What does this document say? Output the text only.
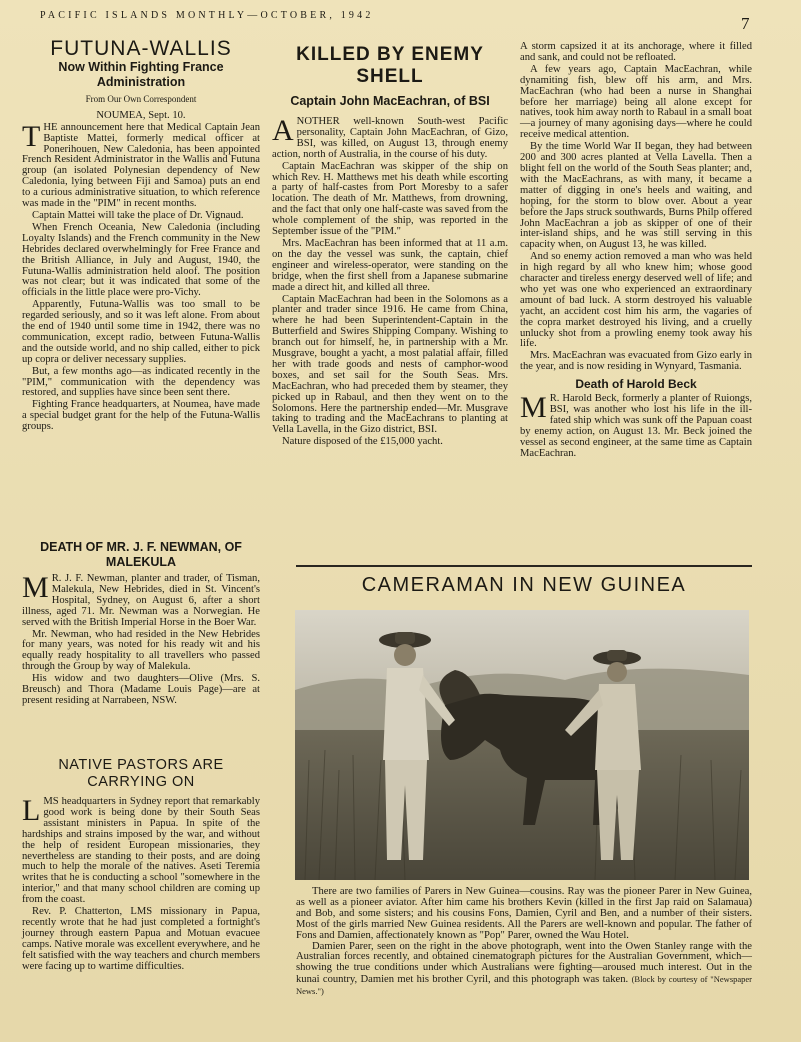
PACIFIC ISLANDS MONTHLY—OCTOBER, 1942	7
FUTUNA-WALLIS
Now Within Fighting France Administration
From Our Own Correspondent
NOUMEA, Sept. 10.

THE announcement here that Medical Captain Jean Baptiste Mattei, formerly medical officer at Ponerihouen, New Caledonia, has been appointed French Resident Administrator in the Wallis and Futuna group (an isolated Polynesian dependency of New Caledonia, lying between Fiji and Samoa) puts an end to a curious administrative situation, to which reference was made in the "PIM" in recent months.

Captain Mattei will take the place of Dr. Vignaud.

When French Oceania, New Caledonia (including Loyalty Islands) and the French community in the New Hebrides declared overwhelmingly for Free France and the British Alliance, in July and August, 1940, the Futuna-Wallis administration held aloof. The position was not clear; but it was indicated that some of the officials in the little place were pro-Vichy.

Apparently, Futuna-Wallis was too small to be regarded seriously, and so it was left alone. From about the end of 1940 until some time in 1942, there was no communication, except radio, between Futuna-Wallis and the outside world, and no ship called, either to pick up copra or deliver necessary supplies.

But, a few months ago—as indicated recently in the "PIM," communication with the dependency was restored, and supplies have since been sent there.

Fighting France headquarters, at Noumea, have made a special budget grant for the help of the Futuna-Wallis groups.

DEATH OF MR. J. F. NEWMAN, OF MALEKULA

M R. J. F. Newman, planter and trader, of Tisman, Malekula, New Hebrides, died in St. Vincent's Hospital, Sydney, on August 6, after a short illness, aged 71. Mr. Newman was a Norwegian. He served with the British Imperial Horse in the Boer War.

Mr. Newman, who had resided in the New Hebrides for many years, was noted for his ready wit and his equally ready hospitality to all travellers who passed through the Group by way of Malekula.

His widow and two daughters—Olive (Mrs. S. Breusch) and Thora (Madame Louis Page)—are at present residing at Narrabeen, NSW.

NATIVE PASTORS ARE CARRYING ON

LMS headquarters in Sydney report that remarkably good work is being done by their South Seas assistant ministers in Papua. In spite of the hardships and strains imposed by the war, and without the help of resident European missionaries, they nevertheless are standing to their posts, and are doing much to help the morale of the natives. Aseti Teremia writes that he is conducting a school "somewhere in the interior," and that many school children are coming up from the coast.

Rev. P. Chatterton, LMS missionary in Papua, recently wrote that he had just completed a fortnight's journey through eastern Papua and Motuan evacuee camps. Native morale was excellent everywhere, and he felt satisfied with the way teachers and church members were facing up to wartime difficulties.

KILLED BY ENEMY SHELL
Captain John MacEachran, of BSI

ANOTHER well-known South-west Pacific personality, Captain John MacEachran, of Gizo, BSI, was killed, on August 13, through enemy action, north of Australia, in the course of his duty.

Captain MacEachran was skipper of the ship on which Rev. H. Matthews met his death while escorting a party of half-castes from Port Moresby to a safer location. The death of Mr. Matthews, from drowning, and the fact that only one half-caste was saved from the whole complement of the ship, was reported in the September issue of the "PIM."

Mrs. MacEachran has been informed that at 11 a.m. on the day the vessel was sunk, the captain, chief engineer and wireless-operator, were standing on the bridge, when the first shell from a Japanese submarine made a direct hit, and killed all three.

Captain MacEachran had been in the Solomons as a planter and trader since 1916. He came from China, where he had been Superintendent-Captain in the Butterfield and Swires Shipping Company. Wishing to branch out for himself, he, in partnership with a Mr. Musgrave, bought a yacht, a most palatial affair, filled her with trade goods and nests of camphor-wood boxes, and set sail for the South Seas. Mrs. MacEachran, who had preceded them by steamer, they picked up in Rabaul, and then they went on to the Solomons. Here the partnership ended—Mr. Musgrave taking to trading and the MacEachrans to planting at Vella Lavella, in the Gizo district, BSI.

Nature disposed of the £15,000 yacht.

A storm capsized it at its anchorage, where it filled and sank, and could not be refloated.

A few years ago, Captain MacEachran, while dynamiting fish, blew off his arm, and Mrs. MacEachran (who had been a nurse in Shanghai before her marriage) being all alone except for natives, took him away north to Rabaul in a small boat—a journey of many agonising days—where he could receive medical attention.

By the time World War II began, they had between 200 and 300 acres planted at Vella Lavella. Then a blight fell on the world of the South Seas planter; and, with the MacEachrans, as with many, it became a matter of digging in one's heels and waiting, and hoping, for the storm to blow over. About a year before the Japs struck southwards, Burns Philp offered John MacEachran a job as skipper of one of their inter-island ships, and he was still serving in this capacity when, on August 13, he was killed.

And so enemy action removed a man who was held in high regard by all who knew him; whose good character and tireless energy deserved well of life; and who yet was one who experienced an extraordinary amount of bad luck. A storm destroyed his valuable yacht, an accident cost him his arm, the vagaries of the copra market destroyed his living, and a cruelly unlucky shot from a prowling enemy took away his life.

Mrs. MacEachran was evacuated from Gizo early in the year, and is now residing in Wynyard, Tasmania.

Death of Harold Beck

M R. Harold Beck, formerly a planter of Ruiongs, BSI, was another who lost his life in the ill-fated ship which was sunk off the Papuan coast by enemy action, on August 13. Mr. Beck joined the vessel as second engineer, at the same time as Captain MacEachran.

CAMERAMAN IN NEW GUINEA

There are two families of Parers in New Guinea—cousins. Ray was the pioneer Parer in New Guinea, as well as a pioneer aviator. After him came his brothers Kevin (killed in the first Jap raid on Salamaua) and Bob, and some sisters; and his cousins Fons, Damien, Cyril and Ben, and a number of their sisters. Most of the girls married New Guinea residents. All the Parers are well-known and popular. The father of Fons and Damien, affectionately known as "Pop" Parer, owned the Wau Hotel.

Damien Parer, seen on the right in the above photograph, went into the Owen Stanley range with the Australian forces recently, and obtained cinematograph pictures for the Australian Government, which—showing the true conditions under which Australians were fighting—aroused much interest. Out in the kunai country, Damien met his brother Cyril, and this photograph was taken. (Block by courtesy of "Newspaper News.")
